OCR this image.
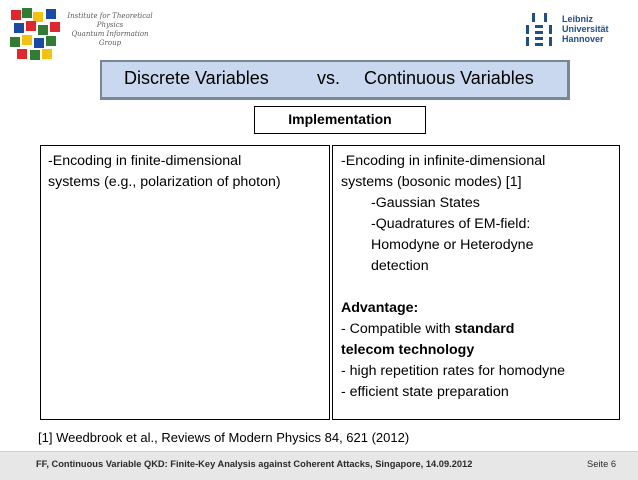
Institute for Theoretical
Physics
Quantum Information
Group
Leibniz
Universität
Hannover
Discrete Variables	vs. Continuous Variables
Implementation
-Encoding in finite-dimensional
systems (e.g., polarization of photon)
-Encoding in infinite-dimensional
systems (bosonic modes) [1]
-Gaussian States
-Quadratures of EM-field:
Homodyne or Heterodyne
detection
Advantage:
- Compatible with standard
telecom technology
- high repetition rates for homodyne
- efficient state preparation
[1] Weedbrook et al., Reviews of Modern Physics 84, 621 (2012)
FF, Continuous Variable QKD: Finite-Key Analysis against Coherent Attacks, Singapore, 14.09.2012	Seite 6
